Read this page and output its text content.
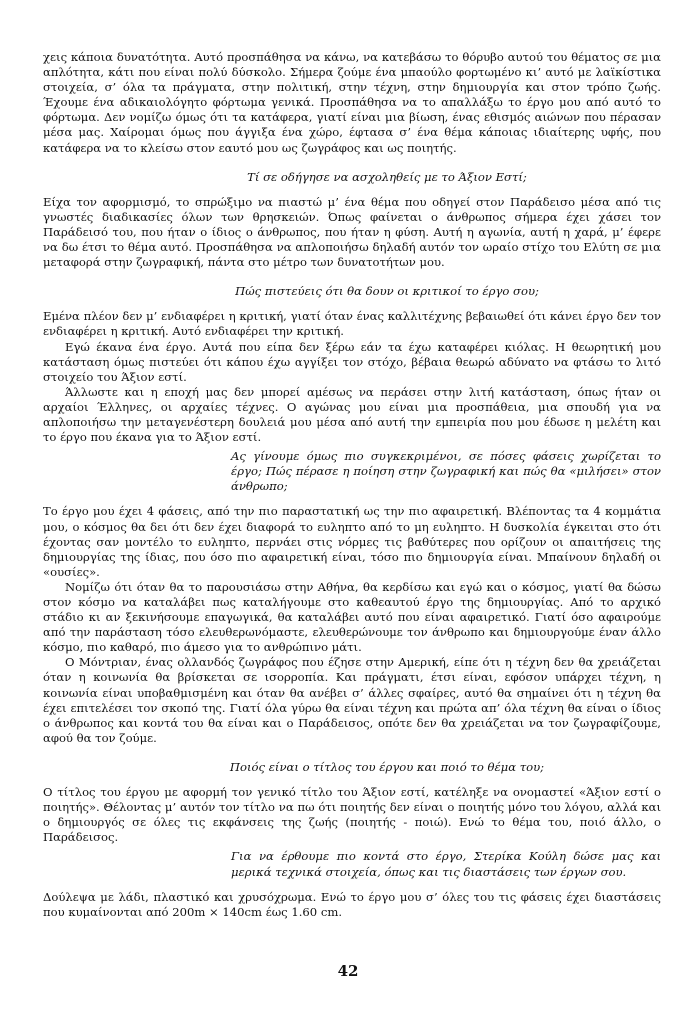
χεις κάποια δυνατότητα. Αυτό προσπάθησα να κάνω, να κατεβάσω το θόρυβο αυτού του θέματος σε μια απλότητα, κάτι που είναι πολύ δύσκολο. Σήμερα ζούμε ένα μπαούλο φορτωμένο κι’ αυτό με λαϊκίστικα στοιχεία, σ’ όλα τα πράγματα, στην πολιτική, στην τέχνη, στην δημιουργία και στον τρόπο ζωής. Έχουμε ένα αδικαιολόγητο φόρτωμα γενικά. Προσπάθησα να το απαλλάξω το έργο μου από αυτό το φόρτωμα. Δεν νομίζω όμως ότι τα κατάφερα, γιατί είναι μια βίωση, ένας εθισμός αιώνων που πέρασαν μέσα μας. Χαίρομαι όμως που άγγιξα ένα χώρο, έφτασα σ’ ένα θέμα κάποιας ιδιαίτερης υφής, που κατάφερα να το κλείσω στον εαυτό μου ως ζωγράφος και ως ποιητής.

Τί σε οδήγησε να ασχοληθείς με το Άξιον Εστί;

Είχα τον αφορμισμό, το σπρώξιμο να πιαστώ μ’ ένα θέμα που οδηγεί στον Παράδεισο μέσα από τις γνωστές διαδικασίες όλων των θρησκειών. Όπως φαίνεται ο άνθρωπος σήμερα έχει χάσει τον Παράδεισό του, που ήταν ο ίδιος ο άνθρωπος, που ήταν η φύση. Αυτή η αγωνία, αυτή η χαρά, μ’ έφερε να δω έτσι το θέμα αυτό. Προσπάθησα να απλοποιήσω δηλαδή αυτόν τον ωραίο στίχο του Ελύτη σε μια μεταφορά στην ζωγραφική, πάντα στο μέτρο των δυνατοτήτων μου.

Πώς πιστεύεις ότι θα δουν οι κριτικοί το έργο σου;

Εμένα πλέον δεν μ’ ενδιαφέρει η κριτική, γιατί όταν ένας καλλιτέχνης βεβαιωθεί ότι κάνει έργο δεν τον ενδιαφέρει η κριτική. Αυτό ενδιαφέρει την κριτική.

Εγώ έκανα ένα έργο. Αυτά που είπα δεν ξέρω εάν τα έχω καταφέρει κιόλας. Η θεωρητική μου κατάσταση όμως πιστεύει ότι κάπου έχω αγγίξει τον στόχο, βέβαια θεωρώ αδύνατο να φτάσω το λιτό στοιχείο του Άξιον εστί.

Άλλωστε και η εποχή μας δεν μπορεί αμέσως να περάσει στην λιτή κατάσταση, όπως ήταν οι αρχαίοι Έλληνες, οι αρχαίες τέχνες. Ο αγώνας μου είναι μια προσπάθεια, μια σπουδή για να απλοποιήσω την μεταγενέστερη δουλειά μου μέσα από αυτή την εμπειρία που μου έδωσε η μελέτη και το έργο που έκανα για το Άξιον εστί.

Ας γίνουμε όμως πιο συγκεκριμένοι, σε πόσες φάσεις χωρίζεται το έργο; Πώς πέρασε η ποίηση στην ζωγραφική και πώς θα «μιλήσει» στον άνθρωπο;

Το έργο μου έχει 4 φάσεις, από την πιο παραστατική ως την πιο αφαιρετική. Βλέποντας τα 4 κομμάτια μου, ο κόσμος θα δει ότι δεν έχει διαφορά το ευληπτο από το μη ευληπτο. Η δυσκολία έγκειται στο ότι έχοντας σαν μοντέλο το ευληπτο, περνάει στις νόρμες τις βαθύτερες που ορίζουν οι απαιτήσεις της δημιουργίας της ίδιας, που όσο πιο αφαιρετική είναι, τόσο πιο δημιουργία είναι. Μπαίνουν δηλαδή οι «ουσίες».

Νομίζω ότι όταν θα το παρουσιάσω στην Αθήνα, θα κερδίσω και εγώ και ο κόσμος, γιατί θα δώσω στον κόσμο να καταλάβει πως καταλήγουμε στο καθεαυτού έργο της δημιουργίας. Από το αρχικό στάδιο κι αν ξεκινήσουμε επαγωγικά, θα καταλάβει αυτό που είναι αφαιρετικό. Γιατί όσο αφαιρούμε από την παράσταση τόσο ελευθερωνόμαστε, ελευθερώνουμε τον άνθρωπο και δημιουργούμε έναν άλλο κόσμο, πιο καθαρό, πιο άμεσο για το ανθρώπινο μάτι.

Ο Μόντριαν, ένας ολλανδός ζωγράφος που έζησε στην Αμερική, είπε ότι η τέχνη δεν θα χρειάζεται όταν η κοινωνία θα βρίσκεται σε ισορροπία. Και πράγματι, έτσι είναι, εφόσον υπάρχει τέχνη, η κοινωνία είναι υποβαθμισμένη και όταν θα ανέβει σ’ άλλες σφαίρες, αυτό θα σημαίνει ότι η τέχνη θα έχει επιτελέσει τον σκοπό της. Γιατί όλα γύρω θα είναι τέχνη και πρώτα απ’ όλα τέχνη θα είναι ο ίδιος ο άνθρωπος και κοντά του θα είναι και ο Παράδεισος, οπότε δεν θα χρειάζεται να τον ζωγραφίζουμε, αφού θα τον ζούμε.

Ποιός είναι ο τίτλος του έργου και ποιό το θέμα του;

Ο τίτλος του έργου με αφορμή τον γενικό τίτλο του Άξιον εστί, κατέληξε να ονομαστεί «Άξιον εστί ο ποιητής». Θέλοντας μ’ αυτόν τον τίτλο να πω ότι ποιητής δεν είναι ο ποιητής μόνο του λόγου, αλλά και ο δημιουργός σε όλες τις εκφάνσεις της ζωής (ποιητής - ποιώ). Ενώ το θέμα του, ποιό άλλο, ο Παράδεισος.

Για να έρθουμε πιο κοντά στο έργο, Στερίκα Κούλη δώσε μας και μερικά τεχνικά στοιχεία, όπως και τις διαστάσεις των έργων σου.

Δούλεψα με λάδι, πλαστικό και χρυσόχρωμα. Ενώ το έργο μου σ’ όλες του τις φάσεις έχει διαστάσεις που κυμαίνονται από 200m × 140cm έως 1.60 cm.

42
